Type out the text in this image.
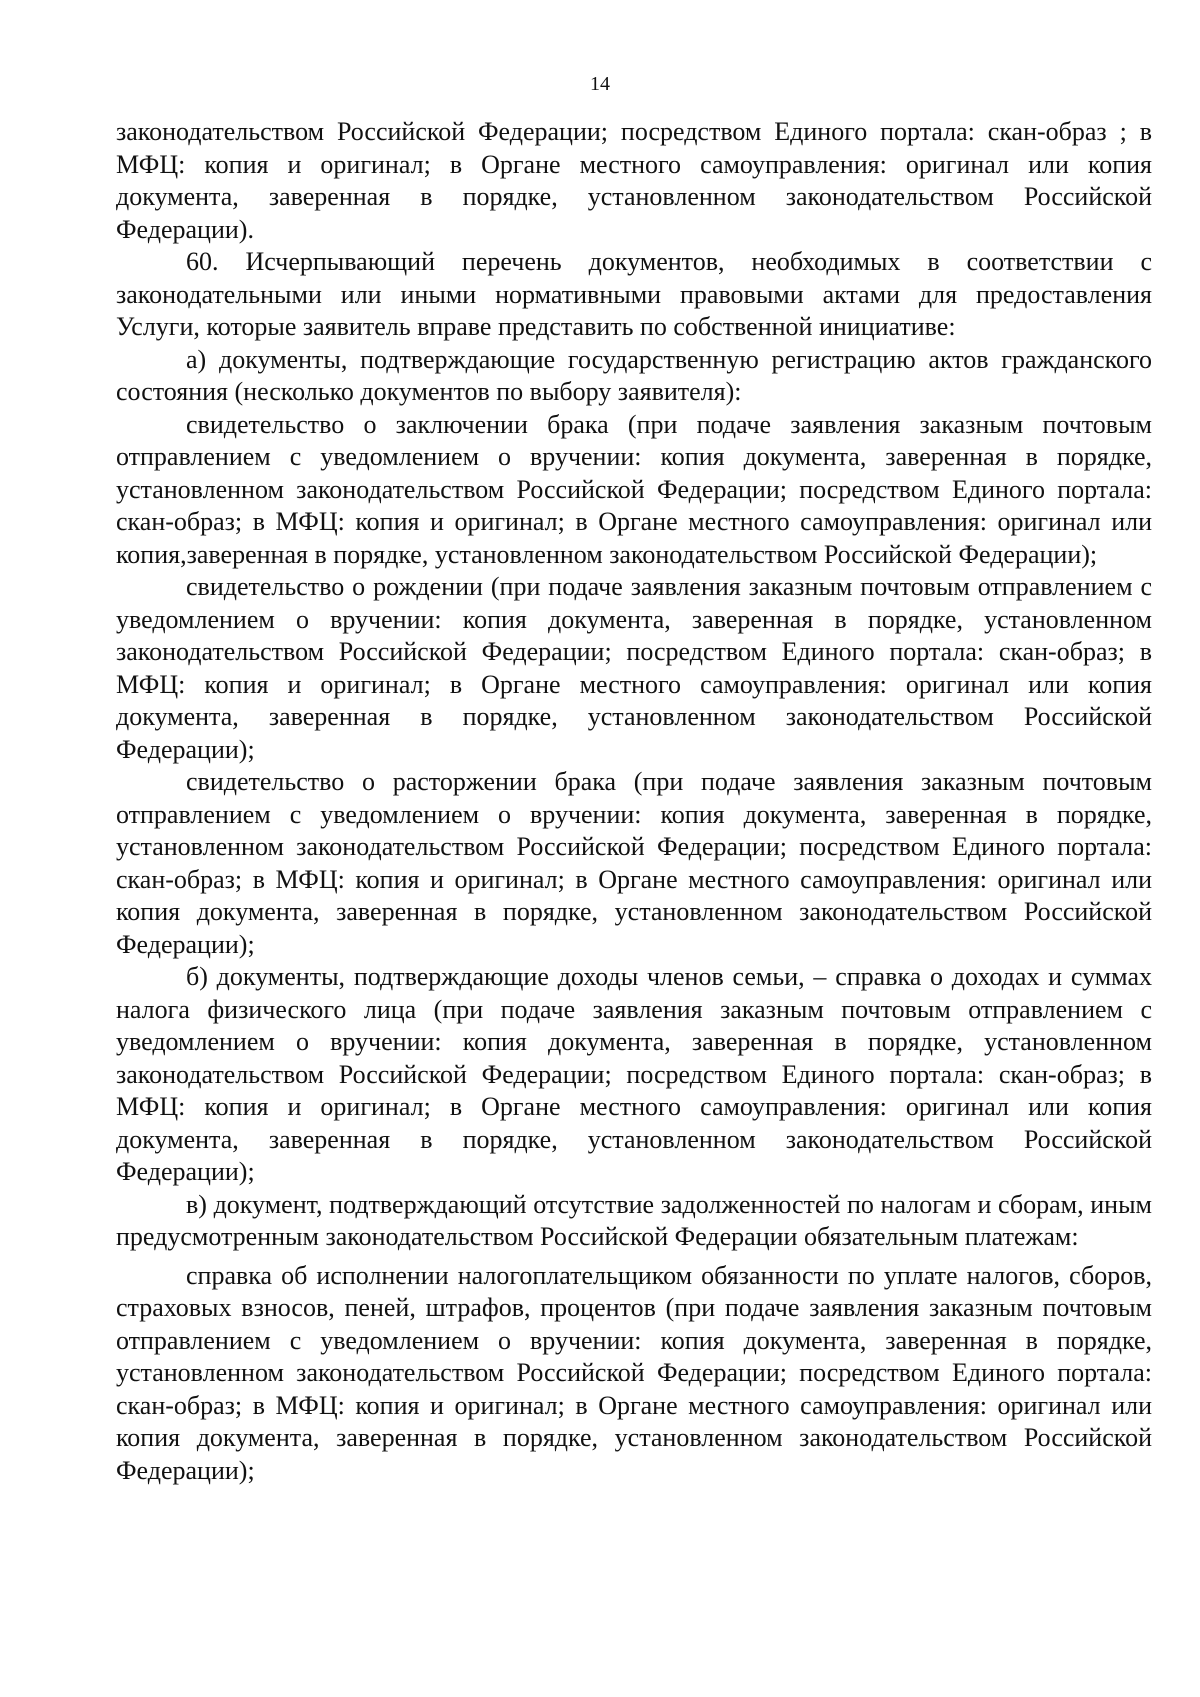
14

законодательством Российской Федерации; посредством Единого портала: скан-образ ; в МФЦ: копия и оригинал; в Органе местного самоуправления: оригинал или копия документа, заверенная в порядке, установленном законодательством Российской Федерации).

60. Исчерпывающий перечень документов, необходимых в соответствии с законодательными или иными нормативными правовыми актами для предоставления Услуги, которые заявитель вправе представить по собственной инициативе:

а) документы, подтверждающие государственную регистрацию актов гражданского состояния (несколько документов по выбору заявителя):

свидетельство о заключении брака (при подаче заявления заказным почтовым отправлением с уведомлением о вручении: копия документа, заверенная в порядке, установленном законодательством Российской Федерации; посредством Единого портала: скан-образ; в МФЦ: копия и оригинал; в Органе местного самоуправления: оригинал или копия,заверенная в порядке, установленном законодательством Российской Федерации);

свидетельство о рождении (при подаче заявления заказным почтовым отправлением с уведомлением о вручении: копия документа, заверенная в порядке, установленном законодательством Российской Федерации; посредством Единого портала: скан-образ; в МФЦ: копия и оригинал; в Органе местного самоуправления: оригинал или копия документа, заверенная в порядке, установленном законодательством Российской Федерации);

свидетельство о расторжении брака (при подаче заявления заказным почтовым отправлением с уведомлением о вручении: копия документа, заверенная в порядке, установленном законодательством Российской Федерации; посредством Единого портала: скан-образ; в МФЦ: копия и оригинал; в Органе местного самоуправления: оригинал или копия документа, заверенная в порядке, установленном законодательством Российской Федерации);

б) документы, подтверждающие доходы членов семьи, – справка о доходах и суммах налога физического лица (при подаче заявления заказным почтовым отправлением с уведомлением о вручении: копия документа, заверенная в порядке, установленном законодательством Российской Федерации; посредством Единого портала: скан-образ; в МФЦ: копия и оригинал; в Органе местного самоуправления: оригинал или копия документа, заверенная в порядке, установленном законодательством Российской Федерации);

в) документ, подтверждающий отсутствие задолженностей по налогам и сборам, иным предусмотренным законодательством Российской Федерации обязательным платежам:

справка об исполнении налогоплательщиком обязанности по уплате налогов, сборов, страховых взносов, пеней, штрафов, процентов (при подаче заявления заказным почтовым отправлением с уведомлением о вручении: копия документа, заверенная в порядке, установленном законодательством Российской Федерации; посредством Единого портала: скан-образ; в МФЦ: копия и оригинал; в Органе местного самоуправления: оригинал или копия документа, заверенная в порядке, установленном законодательством Российской Федерации);
